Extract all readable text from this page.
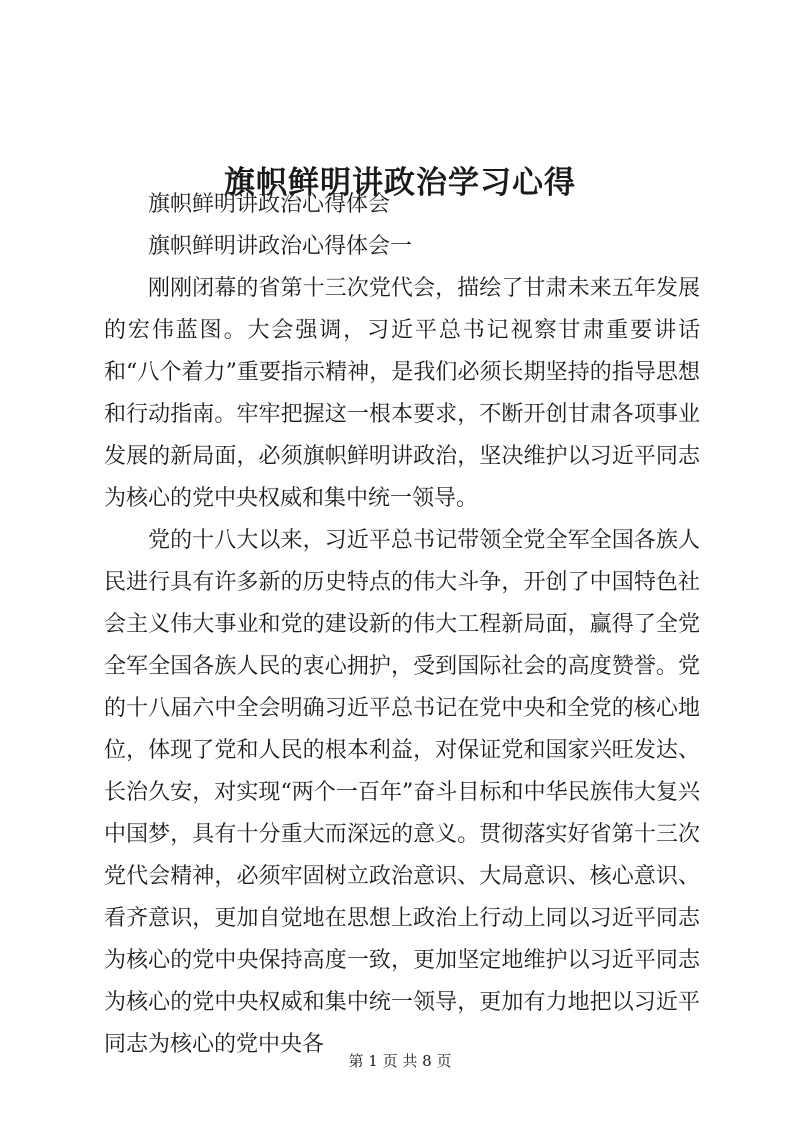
旗帜鲜明讲政治学习心得

旗帜鲜明讲政治心得体会

旗帜鲜明讲政治心得体会一

刚刚闭幕的省第十三次党代会，描绘了甘肃未来五年发展的宏伟蓝图。大会强调，习近平总书记视察甘肃重要讲话和“八个着力”重要指示精神，是我们必须长期坚持的指导思想和行动指南。牢牢把握这一根本要求，不断开创甘肃各项事业发展的新局面，必须旗帜鲜明讲政治，坚决维护以习近平同志为核心的党中央权威和集中统一领导。

党的十八大以来，习近平总书记带领全党全军全国各族人民进行具有许多新的历史特点的伟大斗争，开创了中国特色社会主义伟大事业和党的建设新的伟大工程新局面，赢得了全党全军全国各族人民的衷心拥护，受到国际社会的高度赞誉。党的十八届六中全会明确习近平总书记在党中央和全党的核心地位，体现了党和人民的根本利益，对保证党和国家兴旺发达、长治久安，对实现“两个一百年”奋斗目标和中华民族伟大复兴中国梦，具有十分重大而深远的意义。贯彻落实好省第十三次党代会精神，必须牢固树立政治意识、大局意识、核心意识、看齐意识，更加自觉地在思想上政治上行动上同以习近平同志为核心的党中央保持高度一致，更加坚定地维护以习近平同志为核心的党中央权威和集中统一领导，更加有力地把以习近平同志为核心的党中央各

第 1 页 共 8 页
